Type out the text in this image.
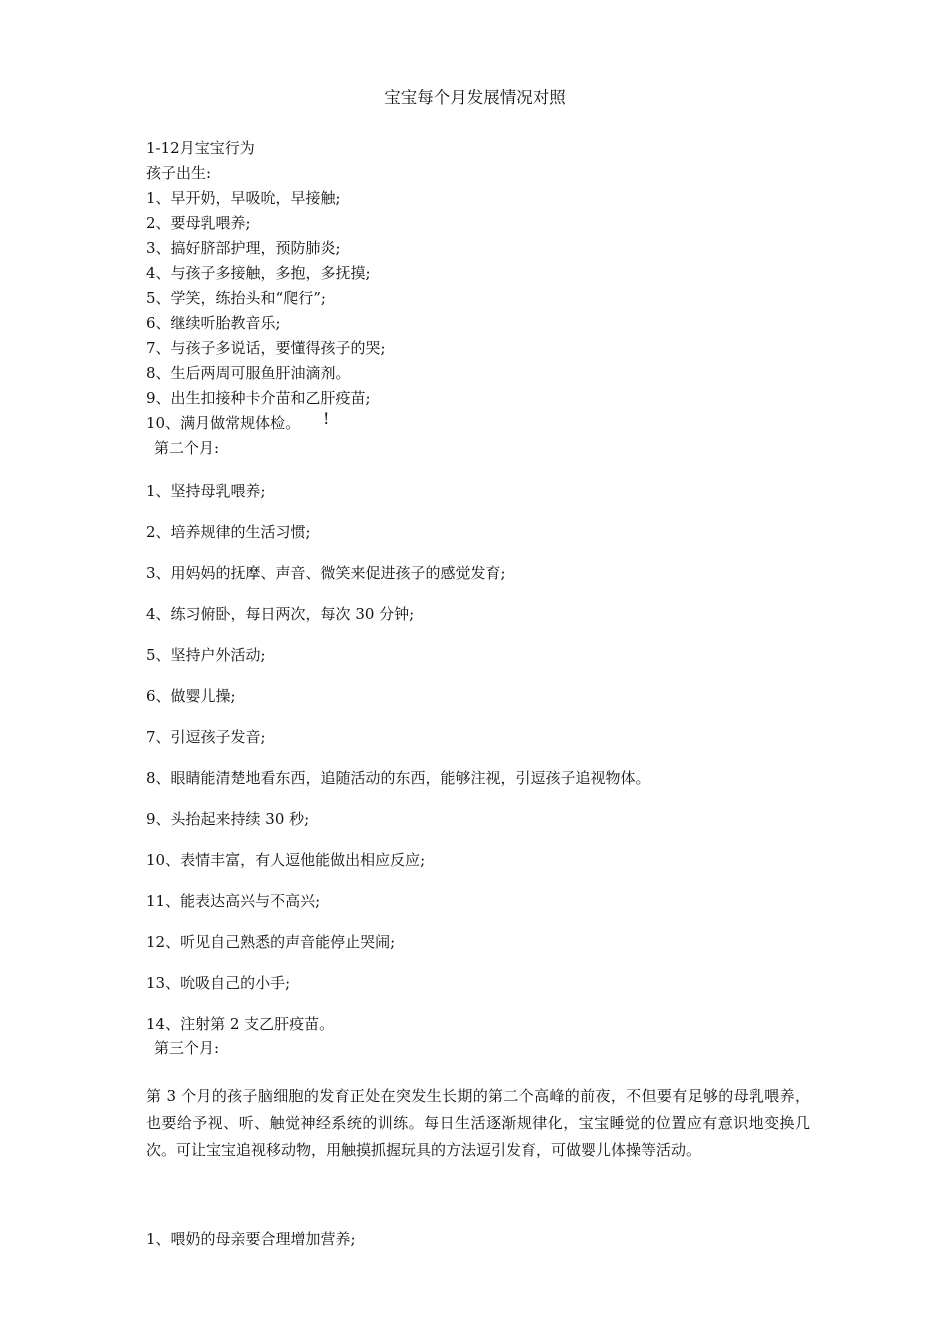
宝宝每个月发展情况对照
1-12月宝宝行为
孩子出生:
1、早开奶，早吸吮，早接触;
2、要母乳喂养;
3、搞好脐部护理，预防肺炎;
4、与孩子多接触，多抱，多抚摸;
5、学笑，练抬头和“爬行”;
6、继续听胎教音乐;
7、与孩子多说话，要懂得孩子的哭;
8、生后两周可服鱼肝油滴剂。
9、出生扣接种卡介苗和乙肝疫苗;
10、满月做常规体检。 !
第二个月:
1、坚持母乳喂养;
2、培养规律的生活习惯;
3、用妈妈的抚摩、声音、微笑来促进孩子的感觉发育;
4、练习俯卧，每日两次，每次 30 分钟;
5、坚持户外活动;
6、做婴儿操;
7、引逗孩子发音;
8、眼睛能清楚地看东西，追随活动的东西，能够注视，引逗孩子追视物体。
9、头抬起来持续 30 秒;
10、表情丰富，有人逗他能做出相应反应;
11、能表达高兴与不高兴;
12、听见自己熟悉的声音能停止哭闹;
13、吮吸自己的小手;
14、注射第 2 支乙肝疫苗。
第三个月:
第 3 个月的孩子脑细胞的发育正处在突发生长期的第二个高峰的前夜，不但要有足够的母乳喂养，也要给予视、听、触觉神经系统的训练。每日生活逐渐规律化，宝宝睡觉的位置应有意识地变换几次。可让宝宝追视移动物，用触摸抓握玩具的方法逗引发育，可做婴儿体操等活动。
1、喂奶的母亲要合理增加营养;
